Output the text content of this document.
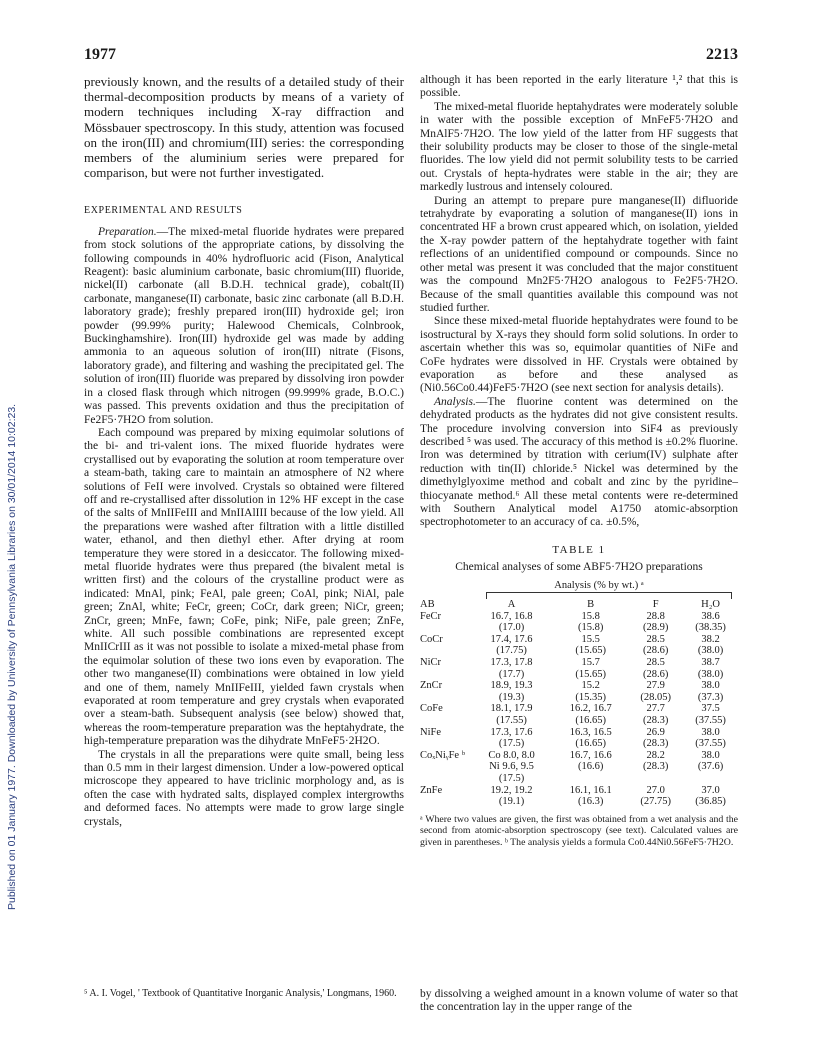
1977	2213
Published on 01 January 1977. Downloaded by University of Pennsylvania Libraries on 30/01/2014 10:02:23.

previously known, and the results of a detailed study of their thermal-decomposition products by means of a variety of modern techniques including X-ray diffraction and Mössbauer spectroscopy. In this study, attention was focused on the iron(III) and chromium(III) series: the corresponding members of the aluminium series were prepared for comparison, but were not further investigated.

EXPERIMENTAL AND RESULTS

Preparation.—The mixed-metal fluoride hydrates were prepared from stock solutions of the appropriate cations, by dissolving the following compounds in 40% hydrofluoric acid (Fison, Analytical Reagent): basic aluminium carbonate, basic chromium(III) fluoride, nickel(II) carbonate (all B.D.H. technical grade), cobalt(II) carbonate, manganese(II) carbonate, basic zinc carbonate (all B.D.H. laboratory grade); freshly prepared iron(III) hydroxide gel; iron powder (99.99% purity; Halewood Chemicals, Colnbrook, Buckinghamshire). Iron(III) hydroxide gel was made by adding ammonia to an aqueous solution of iron(III) nitrate (Fisons, laboratory grade), and filtering and washing the precipitated gel. The solution of iron(III) fluoride was prepared by dissolving iron powder in a closed flask through which nitrogen (99.999% grade, B.O.C.) was passed. This prevents oxidation and thus the precipitation of Fe2F5·7H2O from solution.

Each compound was prepared by mixing equimolar solutions of the bi- and tri-valent ions. The mixed fluoride hydrates were crystallised out by evaporating the solution at room temperature over a steam-bath, taking care to maintain an atmosphere of N2 where solutions of FeII were involved. Crystals so obtained were filtered off and re-crystallised after dissolution in 12% HF except in the case of the salts of MnIIFeIII and MnIIAlIII because of the low yield. All the preparations were washed after filtration with a little distilled water, ethanol, and then diethyl ether. After drying at room temperature they were stored in a desiccator. The following mixed-metal fluoride hydrates were thus prepared (the bivalent metal is written first) and the colours of the crystalline product were as indicated: MnAl, pink; FeAl, pale green; CoAl, pink; NiAl, pale green; ZnAl, white; FeCr, green; CoCr, dark green; NiCr, green; ZnCr, green; MnFe, fawn; CoFe, pink; NiFe, pale green; ZnFe, white. All such possible combinations are represented except MnIICrIII as it was not possible to isolate a mixed-metal phase from the equimolar solution of these two ions even by evaporation. The other two manganese(II) combinations were obtained in low yield and one of them, namely MnIIFeIII, yielded fawn crystals when evaporated at room temperature and grey crystals when evaporated over a steam-bath. Subsequent analysis (see below) showed that, whereas the room-temperature preparation was the heptahydrate, the high-temperature preparation was the dihydrate MnFeF5·2H2O.

The crystals in all the preparations were quite small, being less than 0.5 mm in their largest dimension. Under a low-powered optical microscope they appeared to have triclinic morphology and, as is often the case with hydrated salts, displayed complex intergrowths and deformed faces. No attempts were made to grow large single crystals,

⁵ A. I. Vogel, ' Textbook of Quantitative Inorganic Analysis,' Longmans, 1960.

although it has been reported in the early literature ¹,² that this is possible.

The mixed-metal fluoride heptahydrates were moderately soluble in water with the possible exception of MnFeF5·7H2O and MnAlF5·7H2O. The low yield of the latter from HF suggests that their solubility products may be closer to those of the single-metal fluorides. The low yield did not permit solubility tests to be carried out. Crystals of hepta-hydrates were stable in the air; they are markedly lustrous and intensely coloured.

During an attempt to prepare pure manganese(II) difluoride tetrahydrate by evaporating a solution of manganese(II) ions in concentrated HF a brown crust appeared which, on isolation, yielded the X-ray powder pattern of the heptahydrate together with faint reflections of an unidentified compound or compounds. Since no other metal was present it was concluded that the major constituent was the compound Mn2F5·7H2O analogous to Fe2F5·7H2O. Because of the small quantities available this compound was not studied further.

Since these mixed-metal fluoride heptahydrates were found to be isostructural by X-rays they should form solid solutions. In order to ascertain whether this was so, equimolar quantities of NiFe and CoFe hydrates were dissolved in HF. Crystals were obtained by evaporation as before and these analysed as (Ni0.56Co0.44)FeF5·7H2O (see next section for analysis details).

Analysis.—The fluorine content was determined on the dehydrated products as the hydrates did not give consistent results. The procedure involving conversion into SiF4 as previously described ⁵ was used. The accuracy of this method is ±0.2% fluorine. Iron was determined by titration with cerium(IV) sulphate after reduction with tin(II) chloride.⁵ Nickel was determined by the dimethylglyoxime method and cobalt and zinc by the pyridine–thiocyanate method.⁶ All these metal contents were re-determined with Southern Analytical model A1750 atomic-absorption spectrophotometer to an accuracy of ca. ±0.5%,

TABLE 1
Chemical analyses of some ABF5·7H2O preparations
Analysis (% by wt.) ᵃ
AB	A	B	F	H₂O
FeCr	16.7, 16.8	15.8	28.8	38.6
	(17.0)	(15.8)	(28.9)	(38.35)
CoCr	17.4, 17.6	15.5	28.5	38.2
	(17.75)	(15.65)	(28.6)	(38.0)
NiCr	17.3, 17.8	15.7	28.5	38.7
	(17.7)	(15.65)	(28.6)	(38.0)
ZnCr	18.9, 19.3	15.2	27.9	38.0
	(19.3)	(15.35)	(28.05)	(37.3)
CoFe	18.1, 17.9	16.2, 16.7	27.7	37.5
	(17.55)	(16.65)	(28.3)	(37.55)
NiFe	17.3, 17.6	16.3, 16.5	26.9	38.0
	(17.5)	(16.65)	(28.3)	(37.55)
CoₓNiᵧFe ᵇ	Co 8.0, 8.0	16.7, 16.6	28.2	38.0
	Ni 9.6, 9.5	(16.6)	(28.3)	(37.6)
	(17.5)			
ZnFe	19.2, 19.2	16.1, 16.1	27.0	37.0
	(19.1)	(16.3)	(27.75)	(36.85)
ᵃ Where two values are given, the first was obtained from a wet analysis and the second from atomic-absorption spectroscopy (see text). Calculated values are given in parentheses. ᵇ The analysis yields a formula Co0.44Ni0.56FeF5·7H2O.
by dissolving a weighed amount in a known volume of water so that the concentration lay in the upper range of the
